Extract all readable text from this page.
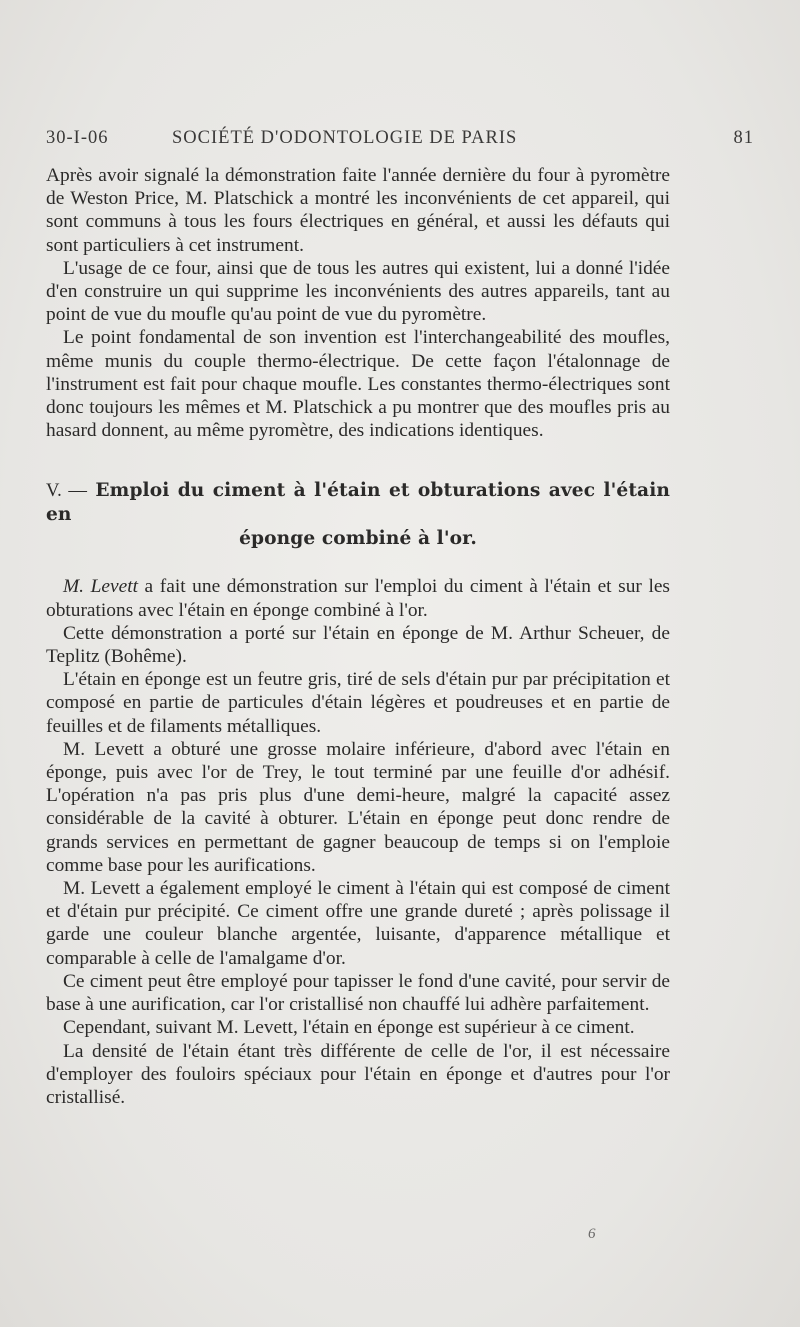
30-I-06	SOCIÉTÉ D'ODONTOLOGIE DE PARIS	81

Après avoir signalé la démonstration faite l'année dernière du four à pyromètre de Weston Price, M. Platschick a montré les inconvénients de cet appareil, qui sont communs à tous les fours électriques en général, et aussi les défauts qui sont particuliers à cet instrument.

L'usage de ce four, ainsi que de tous les autres qui existent, lui a donné l'idée d'en construire un qui supprime les inconvénients des autres appareils, tant au point de vue du moufle qu'au point de vue du pyromètre.

Le point fondamental de son invention est l'interchangeabilité des moufles, même munis du couple thermo-électrique. De cette façon l'étalonnage de l'instrument est fait pour chaque moufle. Les constantes thermo-électriques sont donc toujours les mêmes et M. Platschick a pu montrer que des moufles pris au hasard donnent, au même pyromètre, des indications identiques.

V. — Emploi du ciment à l'étain et obturations avec l'étain en
éponge combiné à l'or.

M. Levett a fait une démonstration sur l'emploi du ciment à l'étain et sur les obturations avec l'étain en éponge combiné à l'or.

Cette démonstration a porté sur l'étain en éponge de M. Arthur Scheuer, de Teplitz (Bohême).

L'étain en éponge est un feutre gris, tiré de sels d'étain pur par précipitation et composé en partie de particules d'étain légères et poudreuses et en partie de feuilles et de filaments métalliques.

M. Levett a obturé une grosse molaire inférieure, d'abord avec l'étain en éponge, puis avec l'or de Trey, le tout terminé par une feuille d'or adhésif. L'opération n'a pas pris plus d'une demi-heure, malgré la capacité assez considérable de la cavité à obturer. L'étain en éponge peut donc rendre de grands services en permettant de gagner beaucoup de temps si on l'emploie comme base pour les aurifications.

M. Levett a également employé le ciment à l'étain qui est composé de ciment et d'étain pur précipité. Ce ciment offre une grande dureté ; après polissage il garde une couleur blanche argentée, luisante, d'apparence métallique et comparable à celle de l'amalgame d'or.

Ce ciment peut être employé pour tapisser le fond d'une cavité, pour servir de base à une aurification, car l'or cristallisé non chauffé lui adhère parfaitement.

Cependant, suivant M. Levett, l'étain en éponge est supérieur à ce ciment.

La densité de l'étain étant très différente de celle de l'or, il est nécessaire d'employer des fouloirs spéciaux pour l'étain en éponge et d'autres pour l'or cristallisé.

6
